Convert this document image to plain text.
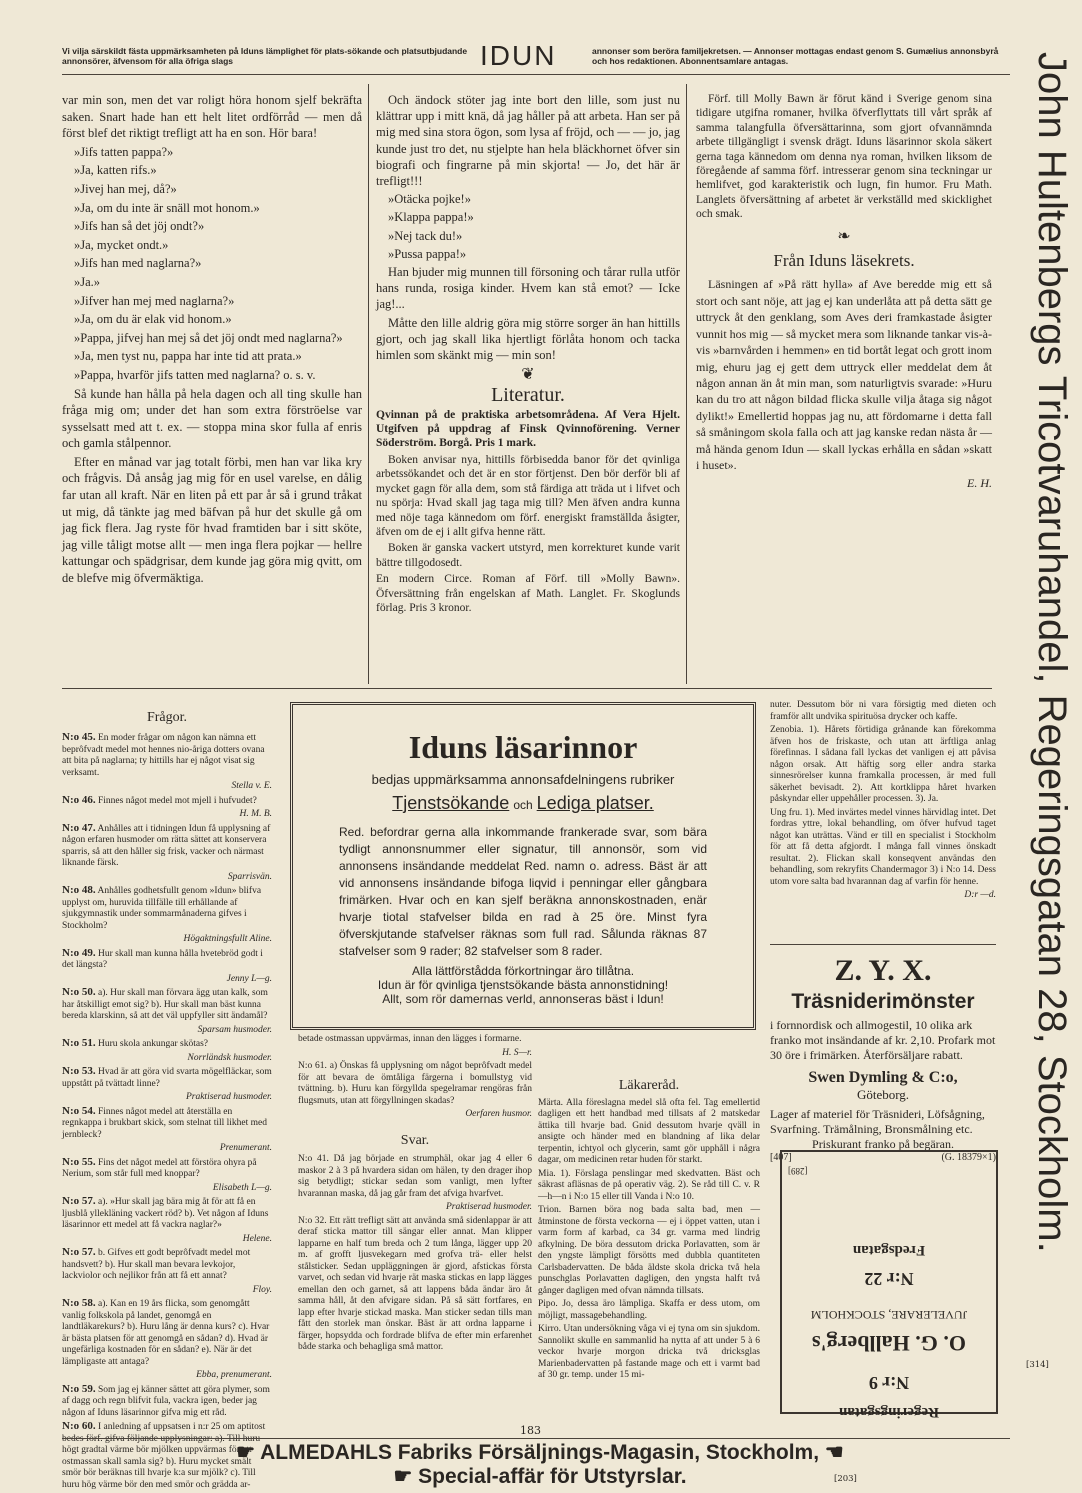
Vi vilja särskildt fästa uppmärksamheten på Iduns lämplighet för plats-sökande och platsutbjudande annonsörer, äfvensom för alla öfriga slags	IDUN	annonser som beröra familjekretsen. — Annonser mottagas endast genom S. Gumælius annonsbyrå och hos redaktionen. Abonnentsamlare antagas.

var min son, men det var roligt höra honom sjelf bekräfta saken. Snart hade han ett helt litet ordförråd — men då först blef det riktigt trefligt att ha en son. Hör bara!

»Jifs tatten pappa?»

»Ja, katten rifs.»

»Jivej han mej, då?»

»Ja, om du inte är snäll mot honom.»

»Jifs han så det jöj ondt?»

»Ja, mycket ondt.»

»Jifs han med naglarna?»

»Ja.»

»Jifver han mej med naglarna?»

»Ja, om du är elak vid honom.»

»Pappa, jifvej han mej så det jöj ondt med naglarna?»

»Ja, men tyst nu, pappa har inte tid att prata.»

»Pappa, hvarför jifs tatten med naglarna? o. s. v.

Så kunde han hålla på hela dagen och all ting skulle han fråga mig om; under det han som extra förströelse var sysselsatt med att t. ex. — stoppa mina skor fulla af enris och gamla stålpennor.

Efter en månad var jag totalt förbi, men han var lika kry och frågvis. Då ansåg jag mig för en usel varelse, en dålig far utan all kraft. När en liten på ett par år så i grund tråkat ut mig, då tänkte jag med bäfvan på hur det skulle gå om jag fick flera. Jag ryste för hvad framtiden bar i sitt sköte, jag ville tåligt motse allt — men inga flera pojkar — hellre kattungar och spädgrisar, dem kunde jag göra mig qvitt, om de blefve mig öfvermäktiga.

Och ändock stöter jag inte bort den lille, som just nu klättrar upp i mitt knä, då jag håller på att arbeta. Han ser på mig med sina stora ögon, som lysa af fröjd, och — — jo, jag kunde just tro det, nu stjelpte han hela bläckhornet öfver sin biografi och fingrarne på min skjorta! — Jo, det här är trefligt!!!

»Otäcka pojke!»

»Klappa pappa!»

»Nej tack du!»

»Pussa pappa!»

Han bjuder mig munnen till försoning och tårar rulla utför hans runda, rosiga kinder. Hvem kan stå emot? — Icke jag!...

Måtte den lille aldrig göra mig större sorger än han hittills gjort, och jag skall lika hjertligt förlåta honom och tacka himlen som skänkt mig — min son!

❦
Literatur.

Qvinnan på de praktiska arbetsområdena. Af Vera Hjelt. Utgifven på uppdrag af Finsk Qvinnoförening. Verner Söderström. Borgå. Pris 1 mark.

Boken anvisar nya, hittills förbisedda banor för det qvinliga arbetssökandet och det är en stor förtjenst. Den bör derför bli af mycket gagn för alla dem, som stå färdiga att träda ut i lifvet och nu spörja: Hvad skall jag taga mig till? Men äfven andra kunna med nöje taga kännedom om förf. energiskt framställda åsigter, äfven om de ej i allt gifva henne rätt.

Boken är ganska vackert utstyrd, men korrekturet kunde varit bättre tillgodosedt.

En modern Circe. Roman af Förf. till »Molly Bawn». Öfversättning från engelskan af Math. Langlet. Fr. Skoglunds förlag. Pris 3 kronor.

Förf. till Molly Bawn är förut känd i Sverige genom sina tidigare utgifna romaner, hvilka öfverflyttats till vårt språk af samma talangfulla öfversättarinna, som gjort ofvannämnda arbete tillgängligt i svensk drägt. Iduns läsarinnor skola säkert gerna taga kännedom om denna nya roman, hvilken liksom de föregående af samma förf. intresserar genom sina teckningar ur hemlifvet, god karakteristik och lugn, fin humor. Fru Math. Langlets öfversättning af arbetet är verkställd med skicklighet och smak.

❧
Från Iduns läsekrets.

Läsningen af »På rätt hylla» af Ave beredde mig ett så stort och sant nöje, att jag ej kan underlåta att på detta sätt ge uttryck åt den genklang, som Aves deri framkastade åsigter vunnit hos mig — så mycket mera som liknande tankar vis-à-vis »barnvården i hemmen» en tid bortåt legat och grott inom mig, ehuru jag ej gett dem uttryck eller meddelat dem åt någon annan än åt min man, som naturligtvis svarade: »Huru kan du tro att någon bildad flicka skulle vilja åtaga sig något dylikt!» Emellertid hoppas jag nu, att fördomarne i detta fall så småningom skola falla och att jag kanske redan nästa år — må hända genom Idun — skall lyckas erhålla en sådan »skatt i huset».

E. H. John Hultenbergs Tricotvaruhandel, Regeringsgatan 28, Stockholm.
[314]
Frågor.

N:o 45. En moder frågar om någon kan nämna ett beprôfvadt medel mot hennes nio-åriga dotters ovana att bita på naglarna; ty hittills har ej något visat sig verksamt.

Stella v. E.

N:o 46. Finnes något medel mot mjell i hufvudet?

H. M. B.

N:o 47. Anhålles att i tidningen Idun få upplysning af någon erfaren husmoder om rätta sättet att konservera sparris, så att den håller sig frisk, vacker och närmast liknande färsk.

Sparrisvän.

N:o 48. Anhålles godhetsfullt genom »Idun» blifva upplyst om, huruvida tillfälle till erhållande af sjukgymnastik under sommarmånaderna gifves i Stockholm?

Högaktningsfullt Aline.

N:o 49. Hur skall man kunna hålla hvetebröd godt i det längsta?

Jenny L—g.

N:o 50. a). Hur skall man förvara ägg utan kalk, som har åtskilligt emot sig? b). Hur skall man bäst kunna bereda klarskinn, så att det väl uppfyller sitt ändamål?

Sparsam husmoder.

N:o 51. Huru skola ankungar skötas?

Norrländsk husmoder.

N:o 53. Hvad är att göra vid svarta mögelfläckar, som uppstått på tvättadt linne?

Praktiserad husmoder.

N:o 54. Finnes något medel att återställa en regnkappa i brukbart skick, som stelnat till likhet med jernbleck?

Prenumerant.

N:o 55. Fins det något medel att förstöra ohyra på Nerium, som står full med knoppar?

Elisabeth L—g.

N:o 57. a). »Hur skall jag bära mig åt för att få en ljusblå yllekläning vackert röd? b). Vet någon af Iduns läsarinnor ett medel att få vackra naglar?»

Helene.

N:o 57. b. Gifves ett godt beprôfvadt medel mot handsvett? b). Hur skall man bevara levkojor, lackviolor och nejlikor från att få ett annat?

Floy.

N:o 58. a). Kan en 19 års flicka, som genomgått vanlig folkskola på landet, genomgå en landtläkarekurs? b). Huru lång är denna kurs? c). Hvar är bästa platsen för att genomgå en sådan? d). Hvad är ungefärliga kostnaden för en sådan? e). När är det lämpligaste att antaga?

Ebba, prenumerant.

N:o 59. Som jag ej känner sättet att göra plymer, som af dagg och regn blifvit fula, vackra igen, beder jag någon af Iduns läsarinnor gifva mig ett råd.

N:o 60. I anledning af uppsatsen i n:r 25 om aptitost bedes förf. gifva följande upplysningar: a). Till huru högt gradtal värme bör mjölken uppvärmas för att ostmassan skall samla sig? b). Huru mycket smält smör bör beräknas till hvarje k:a sur mjölk? c). Till huru hög värme bör den med smör och grädda ar-

Iduns läsarinnor
bedjas uppmärksamma annonsafdelningens rubriker
Tjenstsökande och Lediga platser.
Red. befordrar gerna alla inkommande frankerade svar, som bära tydligt annonsnummer eller signatur, till annonsör, som vid annonsens insändande meddelat Red. namn o. adress. Bäst är att vid annonsens insändande bifoga liqvid i penningar eller gångbara frimärken. Hvar och en kan sjelf beräkna annonskostnaden, enär hvarje tiotal stafvelser bilda en rad à 25 öre. Minst fyra öfverskjutande stafvelser räknas som full rad. Sålunda räknas 87 stafvelser som 9 rader; 82 stafvelser som 8 rader.
Alla lättförstådda förkortningar äro tillåtna.
Idun är för qvinliga tjenstsökande bästa annonstidning!
Allt, som rör damernas verld, annonseras bäst i Idun!

betade ostmassan uppvärmas, innan den lägges i formarne.

H. S—r.

N:o 61. a) Önskas få upplysning om något beprôfvadt medel för att bevara de ömtåliga färgerna i bomullstyg vid tvättning. b). Huru kan förgyllda spegelramar rengöras från flugsmuts, utan att förgyllningen skadas?

Oerfaren husmor.
Svar.

N:o 41. Då jag började en strumphäl, okar jag 4 eller 6 maskor 2 à 3 på hvardera sidan om hälen, ty den drager ihop sig betydligt; stickar sedan som vanligt, men lyfter hvarannan maska, då jag går fram det afviga hvarfvet.

Praktiserad husmoder.

N:o 32. Ett rätt trefligt sätt att använda små sidenlappar är att deraf sticka mattor till sängar eller annat. Man klipper lapparne en half tum breda och 2 tum långa, lägger upp 20 m. af grofft ljusvekegarn med grofva trä- eller helst stålsticker. Sedan uppläggningen är gjord, afstickas första varvet, och sedan vid hvarje rät maska stickas en lapp lägges emellan den och garnet, så att lappens båda ändar äro åt samma håll, åt den afvigare sidan. På så sätt fortfares, en lapp efter hvarje stickad maska. Man sticker sedan tills man fått den storlek man önskar. Bäst är att ordna lapparne i färger, hopsydda och fordrade blifva de efter min erfarenhet både starka och behagliga små mattor.

Läkareråd.

Märta. Alla föreslagna medel slå ofta fel. Tag emellertid dagligen ett hett handbad med tillsats af 2 matskedar ättika till hvarje bad. Gnid dessutom hvarje qväll in ansigte och händer med en blandning af lika delar terpentin, ichtyol och glycerin, samt gör upphåll i några dagar, om medicinen retar huden för starkt.

Mia. 1). Förslaga penslingar med skedvatten. Bäst och säkrast afläsnas de på operativ väg. 2). Se råd till C. v. R—h—n i N:o 15 eller till Vanda i N:o 10.

Trion. Barnen böra nog bada salta bad, men — åtminstone de första veckorna — ej i öppet vatten, utan i varm form af karbad, ca 34 gr. varma med lindrig afkylning. De böra dessutom dricka Porlavatten, som är den yngste lämpligt försötts med dubbla quantiteten Carlsbadervatten. De båda äldste skola dricka två hela punschglas Porlavatten dagligen, den yngsta halft två gånger dagligen med ofvan nämnda tillsats.

Pipo. Jo, dessa äro lämpliga. Skaffa er dess utom, om möjligt, massagebehandling.

Kirro. Utan undersökning våga vi ej tyna om sin sjukdom. Sannolikt skulle en sammanlid ha nytta af att under 5 à 6 veckor hvarje morgon dricka två dricksglas Marienbadervatten på fastande mage och ett i varmt bad af 30 gr. temp. under 15 mi-

nuter. Dessutom bör ni vara försigtig med dieten och framför allt undvika spirituösa drycker och kaffe.

Zenobia. 1). Hårets förtidiga grånande kan förekomma äfven hos de friskaste, och utan att ärftliga anlag förefinnas. I sådana fall lyckas det vanligen ej att påvisa någon orsak. Att häftig sorg eller andra starka sinnesrörelser kunna framkalla processen, är med full säkerhet bevisadt. 2). Att kortklippa håret hvarken påskyndar eller uppehåller processen. 3). Ja.

Ung fru. 1). Med invärtes medel vinnes härvidlag intet. Det fordras yttre, lokal behandling, om öfver hufvud taget något kan uträttas. Vänd er till en specialist i Stockholm för att få detta afgjordt. I många fall vinnes önskadt resultat. 2). Flickan skall konseqvent användas den behandling, som rekryfits Chandermagor 3) i N:o 14. Dess utom vore salta bad hvarannan dag af varfin för henne.

D:r —d.
Z. Y. X.
Träsniderimönster
i fornnordisk och allmogestil, 10 olika ark franko mot insändande af kr. 2,10. Profark mot 30 öre i frimärken. Återförsäljare rabatt.
Swen Dymling & C:o,
Göteborg.
Lager af materiel för Träsnideri, Löfsågning, Svarfning. Trämålning, Bronsmålning etc.
Priskurant franko på begäran.
[407]	(G. 18379×1)
Regeringsgatan
N:r 9
O. G. Hallberg's
JUVELERARE, STOCKHOLM
N:r 22
Fredsgatan
[289]
183
☛ ALMEDAHLS Fabriks Försäljnings-Magasin, Stockholm, ☚
☛ Special-affär för Utstyrslar.	[203]
